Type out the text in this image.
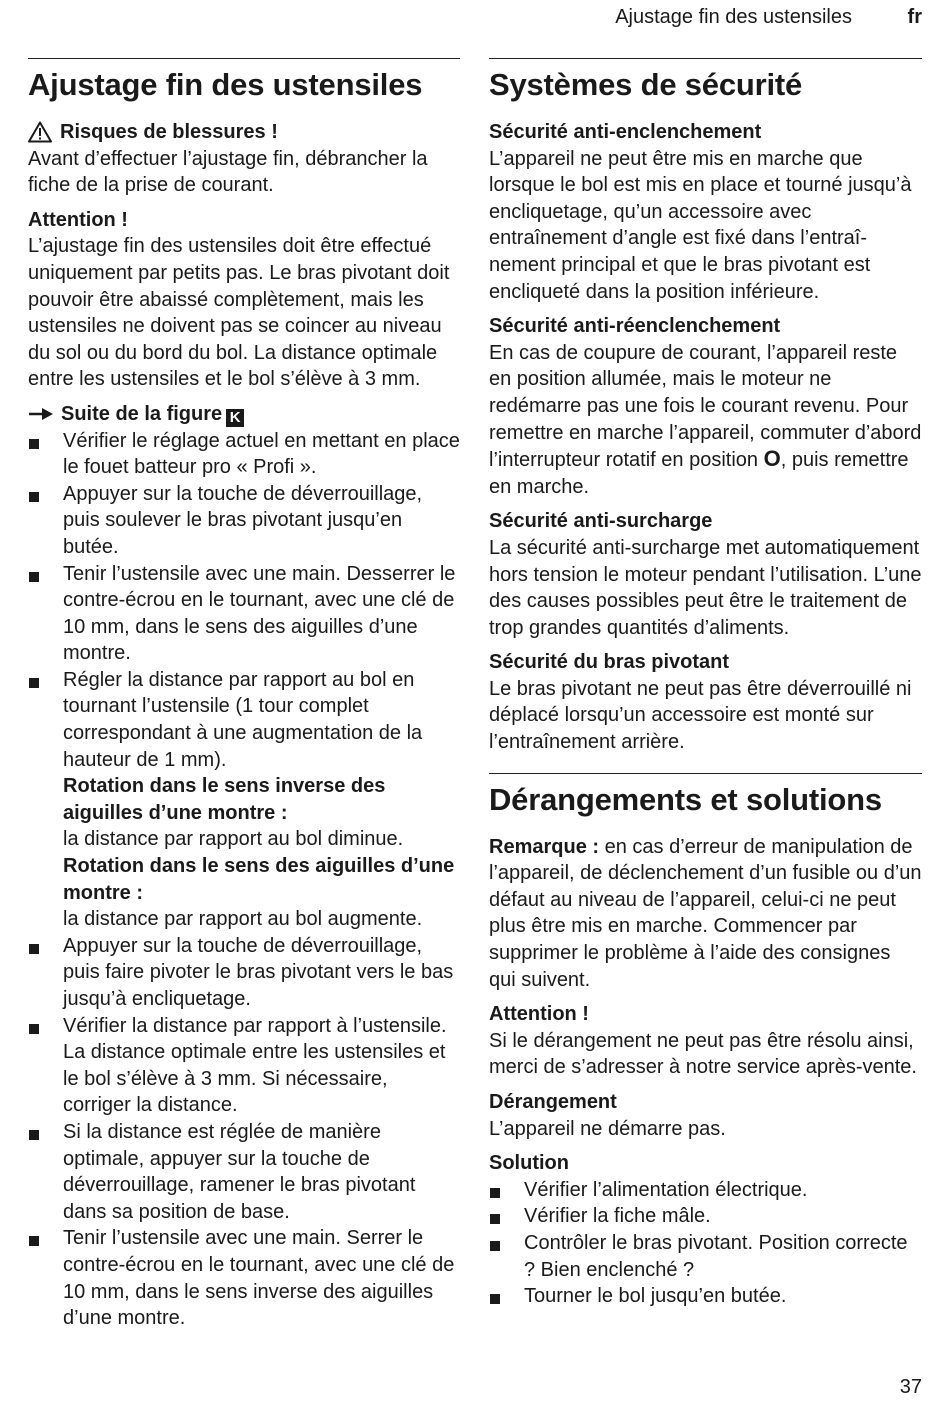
Ajustage fin des ustensiles	fr
Ajustage fin des ustensiles

Risques de blessures !

Avant d’effectuer l’ajustage fin, débrancher la fiche de la prise de courant.

Attention !

L’ajustage fin des ustensiles doit être effectué uniquement par petits pas. Le bras pivotant doit pouvoir être abaissé complètement, mais les ustensiles ne doivent pas se coincer au niveau du sol ou du bord du bol. La distance optimale entre les ustensiles et le bol s’élève à 3 mm.

Suite de la figure K

Vérifier le réglage actuel en mettant en place le fouet batteur pro « Profi ».
Appuyer sur la touche de déverrouillage, puis soulever le bras pivotant jusqu’en butée.
Tenir l’ustensile avec une main. Desserrer le contre-écrou en le tournant, avec une clé de 10 mm, dans le sens des aiguilles d’une montre.
Régler la distance par rapport au bol en tournant l’ustensile (1 tour complet correspondant à une augmentation de la hauteur de 1 mm).
Rotation dans le sens inverse des aiguilles d’une montre :
la distance par rapport au bol diminue.
Rotation dans le sens des aiguilles d’une montre :
la distance par rapport au bol augmente.
Appuyer sur la touche de déverrouillage, puis faire pivoter le bras pivotant vers le bas jusqu’à encliquetage.
Vérifier la distance par rapport à l’ustensile. La distance optimale entre les ustensiles et le bol s’élève à 3 mm. Si nécessaire, corriger la distance.
Si la distance est réglée de manière optimale, appuyer sur la touche de déverrouillage, ramener le bras pivotant dans sa position de base.
Tenir l’ustensile avec une main. Serrer le contre-écrou en le tournant, avec une clé de 10 mm, dans le sens inverse des aiguilles d’une montre.
Systèmes de sécurité

Sécurité anti-enclenchement

L’appareil ne peut être mis en marche que lorsque le bol est mis en place et tourné jusqu’à encliquetage, qu’un accessoire avec entraînement d’angle est fixé dans l’entraînement principal et que le bras pivotant est encliqueté dans la position inférieure.

Sécurité anti-réenclenchement

En cas de coupure de courant, l’appareil reste en position allumée, mais le moteur ne redémarre pas une fois le courant revenu. Pour remettre en marche l’appareil, commuter d’abord l’interrupteur rotatif en position O, puis remettre en marche.

Sécurité anti-surcharge

La sécurité anti-surcharge met automatiquement hors tension le moteur pendant l’utilisation. L’une des causes possibles peut être le traitement de trop grandes quantités d’aliments.

Sécurité du bras pivotant

Le bras pivotant ne peut pas être déverrouillé ni déplacé lorsqu’un accessoire est monté sur l’entraînement arrière.

Dérangements et solutions

Remarque : en cas d’erreur de manipulation de l’appareil, de déclenchement d’un fusible ou d’un défaut au niveau de l’appareil, celui-ci ne peut plus être mis en marche. Commencer par supprimer le problème à l’aide des consignes qui suivent.

Attention !

Si le dérangement ne peut pas être résolu ainsi, merci de s’adresser à notre service après-vente.

Dérangement

L’appareil ne démarre pas.

Solution

Vérifier l’alimentation électrique.
Vérifier la fiche mâle.
Contrôler le bras pivotant. Position correcte ? Bien enclenché ?
Tourner le bol jusqu’en butée.
37
